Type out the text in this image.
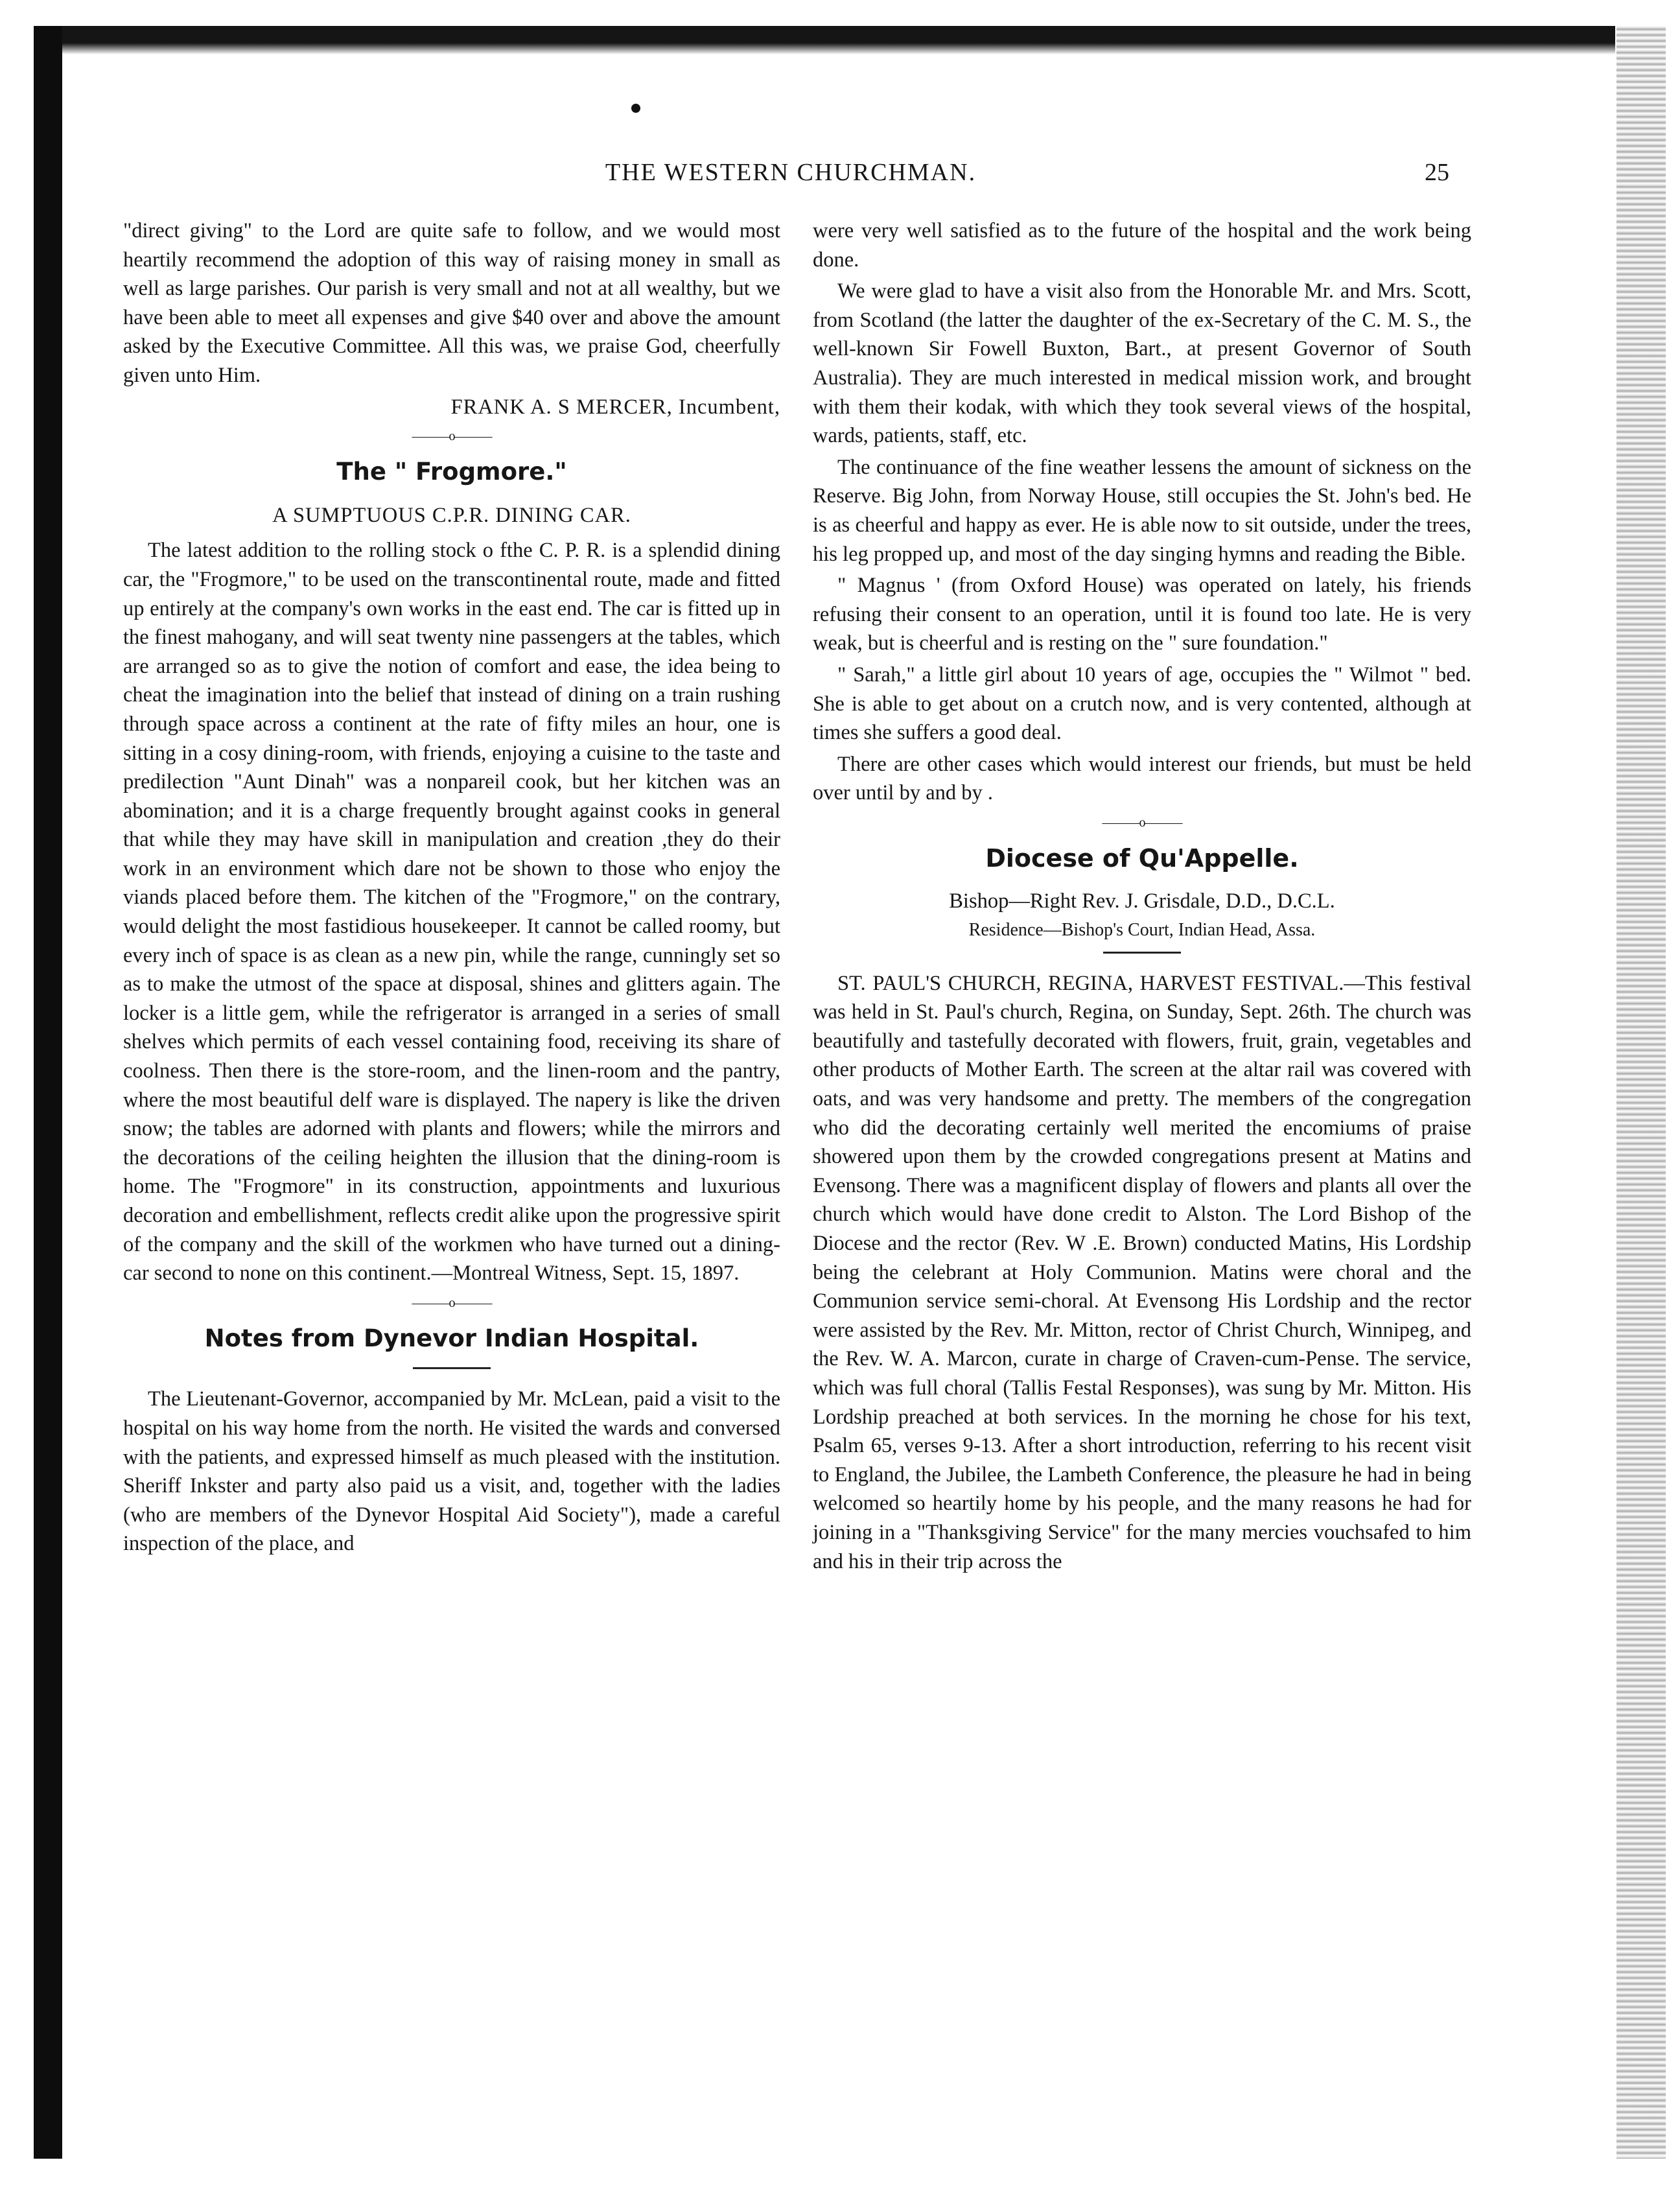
THE WESTERN CHURCHMAN.	25

"direct giving" to the Lord are quite safe to follow, and we would most heartily recommend the adoption of this way of raising money in small as well as large parishes. Our parish is very small and not at all wealthy, but we have been able to meet all expenses and give $40 over and above the amount asked by the Executive Committee. All this was, we praise God, cheerfully given unto Him.

FRANK A. S MERCER, Incumbent,
———o———
The " Frogmore."
A SUMPTUOUS C.P.R. DINING CAR.

The latest addition to the rolling stock o fthe C. P. R. is a splendid dining car, the "Frogmore," to be used on the transcontinental route, made and fitted up entirely at the company's own works in the east end. The car is fitted up in the finest mahogany, and will seat twenty nine passengers at the tables, which are arranged so as to give the notion of comfort and ease, the idea being to cheat the imagination into the belief that instead of dining on a train rushing through space across a continent at the rate of fifty miles an hour, one is sitting in a cosy dining-room, with friends, enjoying a cuisine to the taste and predilection "Aunt Dinah" was a nonpareil cook, but her kitchen was an abomination; and it is a charge frequently brought against cooks in general that while they may have skill in manipulation and creation ,they do their work in an environment which dare not be shown to those who enjoy the viands placed before them. The kitchen of the "Frogmore," on the contrary, would delight the most fastidious housekeeper. It cannot be called roomy, but every inch of space is as clean as a new pin, while the range, cunningly set so as to make the utmost of the space at disposal, shines and glitters again. The locker is a little gem, while the refrigerator is arranged in a series of small shelves which permits of each vessel containing food, receiving its share of coolness. Then there is the store-room, and the linen-room and the pantry, where the most beautiful delf ware is displayed. The napery is like the driven snow; the tables are adorned with plants and flowers; while the mirrors and the decorations of the ceiling heighten the illusion that the dining-room is home. The "Frogmore" in its construction, appointments and luxurious decoration and embellishment, reflects credit alike upon the progressive spirit of the company and the skill of the workmen who have turned out a dining-car second to none on this continent.—Montreal Witness, Sept. 15, 1897.

———o———
Notes from Dynevor Indian Hospital.

The Lieutenant-Governor, accompanied by Mr. McLean, paid a visit to the hospital on his way home from the north. He visited the wards and conversed with the patients, and expressed himself as much pleased with the institution. Sheriff Inkster and party also paid us a visit, and, together with the ladies (who are members of the Dynevor Hospital Aid Society"), made a careful inspection of the place, and

were very well satisfied as to the future of the hospital and the work being done.

We were glad to have a visit also from the Honorable Mr. and Mrs. Scott, from Scotland (the latter the daughter of the ex-Secretary of the C. M. S., the well-known Sir Fowell Buxton, Bart., at present Governor of South Australia). They are much interested in medical mission work, and brought with them their kodak, with which they took several views of the hospital, wards, patients, staff, etc.

The continuance of the fine weather lessens the amount of sickness on the Reserve. Big John, from Norway House, still occupies the St. John's bed. He is as cheerful and happy as ever. He is able now to sit outside, under the trees, his leg propped up, and most of the day singing hymns and reading the Bible.

" Magnus ' (from Oxford House) was operated on lately, his friends refusing their consent to an operation, until it is found too late. He is very weak, but is cheerful and is resting on the " sure foundation."

" Sarah," a little girl about 10 years of age, occupies the " Wilmot " bed. She is able to get about on a crutch now, and is very contented, although at times she suffers a good deal.

There are other cases which would interest our friends, but must be held over until by and by .

———o———
Diocese of Qu'Appelle.
Bishop—Right Rev. J. Grisdale, D.D., D.C.L.
Residence—Bishop's Court, Indian Head, Assa.

ST. PAUL'S CHURCH, REGINA, HARVEST FESTIVAL.—This festival was held in St. Paul's church, Regina, on Sunday, Sept. 26th. The church was beautifully and tastefully decorated with flowers, fruit, grain, vegetables and other products of Mother Earth. The screen at the altar rail was covered with oats, and was very handsome and pretty. The members of the congregation who did the decorating certainly well merited the encomiums of praise showered upon them by the crowded congregations present at Matins and Evensong. There was a magnificent display of flowers and plants all over the church which would have done credit to Alston. The Lord Bishop of the Diocese and the rector (Rev. W .E. Brown) conducted Matins, His Lordship being the celebrant at Holy Communion. Matins were choral and the Communion service semi-choral. At Evensong His Lordship and the rector were assisted by the Rev. Mr. Mitton, rector of Christ Church, Winnipeg, and the Rev. W. A. Marcon, curate in charge of Craven-cum-Pense. The service, which was full choral (Tallis Festal Responses), was sung by Mr. Mitton. His Lordship preached at both services. In the morning he chose for his text, Psalm 65, verses 9-13. After a short introduction, referring to his recent visit to England, the Jubilee, the Lambeth Conference, the pleasure he had in being welcomed so heartily home by his people, and the many reasons he had for joining in a "Thanksgiving Service" for the many mercies vouchsafed to him and his in their trip across the
